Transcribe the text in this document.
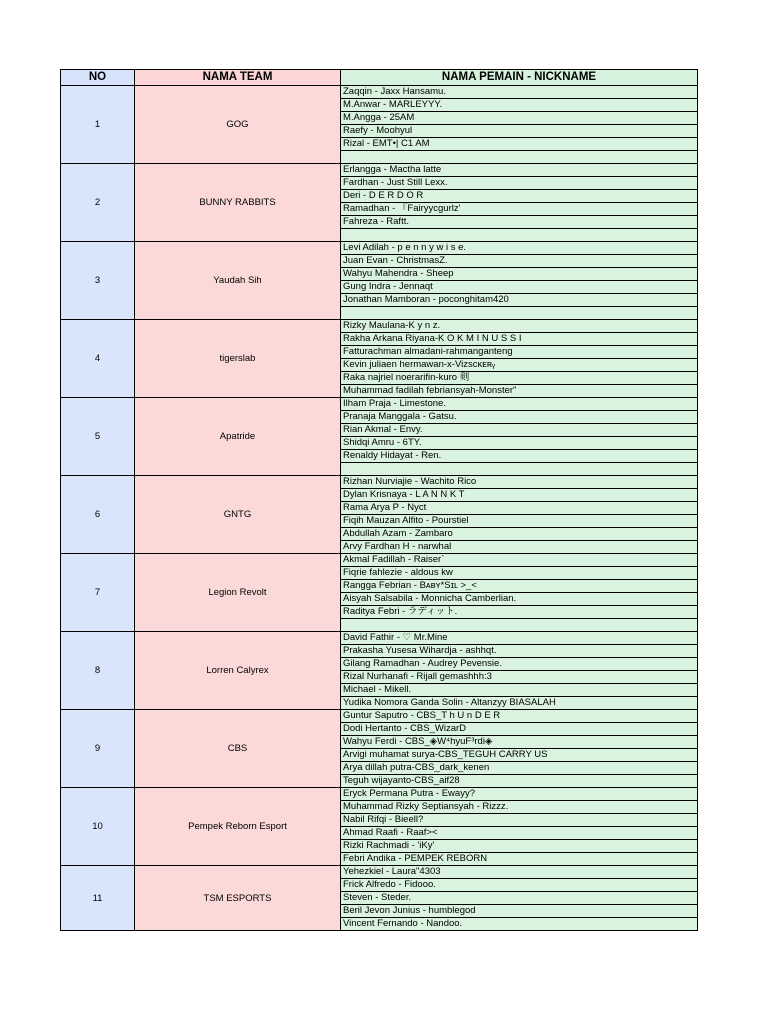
NO	NAMA TEAM	NAMA PEMAIN - NICKNAME
1	GOG	Zaqqin - Jaxx Hansamu.
		M.Anwar - MARLEYYY.
		M.Angga - 25AM
		Raefy - Moohyul
		Rizal - EMT•| C1 AM

2	BUNNY RABBITS	Erlangga - Mactha latte
		Fardhan - Just Still Lexx.
		Deri - D E R D O R
		Ramadhan - 『Fairyycgurlz'
		Fahreza - Raftt.

3	Yaudah Sih	Levi Adilah - p e n n y w i s e.
		Juan Evan - ChristmasZ.
		Wahyu Mahendra - Sheep
		Gung Indra - Jennaqt
		Jonathan Mamboran - poconghitam420

4	tigerslab	Rizky Maulana-K y n z.
		Rakha Arkana Riyana-K O K M I N U S S I
		Fatturachman almadani-rahmanganteng
		Kevin juliaen hermawan-x-Vizsᴄᴋᴇʀᵧ
		Raka najriel noerarifin-kuro 剣
		Muhammad fadilah febriansyah-Monster"
5	Apatride	Ilham Praja - Limestone.
		Pranaja Manggala - Gatsu.
		Rian Akmal - Envy.
		Shidqi Amru - 6TY.
		Renaldy Hidayat - Ren.

6	GNTG	Rizhan Nurviajie - Wachito Rico
		Dylan Krisnaya - L A N N K T
		Rama Arya P - Nyct
		Fiqih Mauzan Alfito - Pourstiel
		Abdullah Azam - Zambaro
		Arvy Fardhan H - narwhal
7	Legion Revolt	Akmal Fadillah - Raiser`
		Fiqrie fahlezie - aldous kw
		Rangga Febrian - Bᴀʙʏ*Sɪʟ >_<
		Aisyah Salsabila - Monnicha Camberlian.
		Raditya Febri - ラディット.

8	Lorren Calyrex	David Fathir - ♡ Mr.Mine
		Prakasha Yusesa Wihardja - ashhqt.
		Gilang Ramadhan - Audrey Pevensie.
		Rizal Nurhanafi - Rijall gemashhh:3
		Michael - Mikell.
		Yudika Nomora Ganda Solin - Altanzyy BIASALAH
9	CBS	Guntur Saputro - CBS_T h U n D E R
		Dodi Hertanto - CBS_WizarD
		Wahyu Ferdi - CBS_◈W⁴hyuF³rdi◈
		Arvigi muhamat surya-CBS_TEGUH CARRY US
		Arya dillah putra-CBS_dark_kenen
		Teguh wijayanto-CBS_aif28
10	Pempek Reborn Esport	Eryck Permana Putra - Ewayy?
		Muhammad Rizky Septiansyah - Rizzz.
		Nabil Rifqi - Bieell?
		Ahmad Raafi - Raaf><
		Rizki Rachmadi - 'iKy'
		Febri Andika - PEMPEK REBORN
11	TSM ESPORTS	Yehezkiel - Laura"4303
		Frick Alfredo - Fidooo.
		Steven - Steder.
		Beril Jevon Junius - humblegod
		Vincent Fernando - Nandoo.
